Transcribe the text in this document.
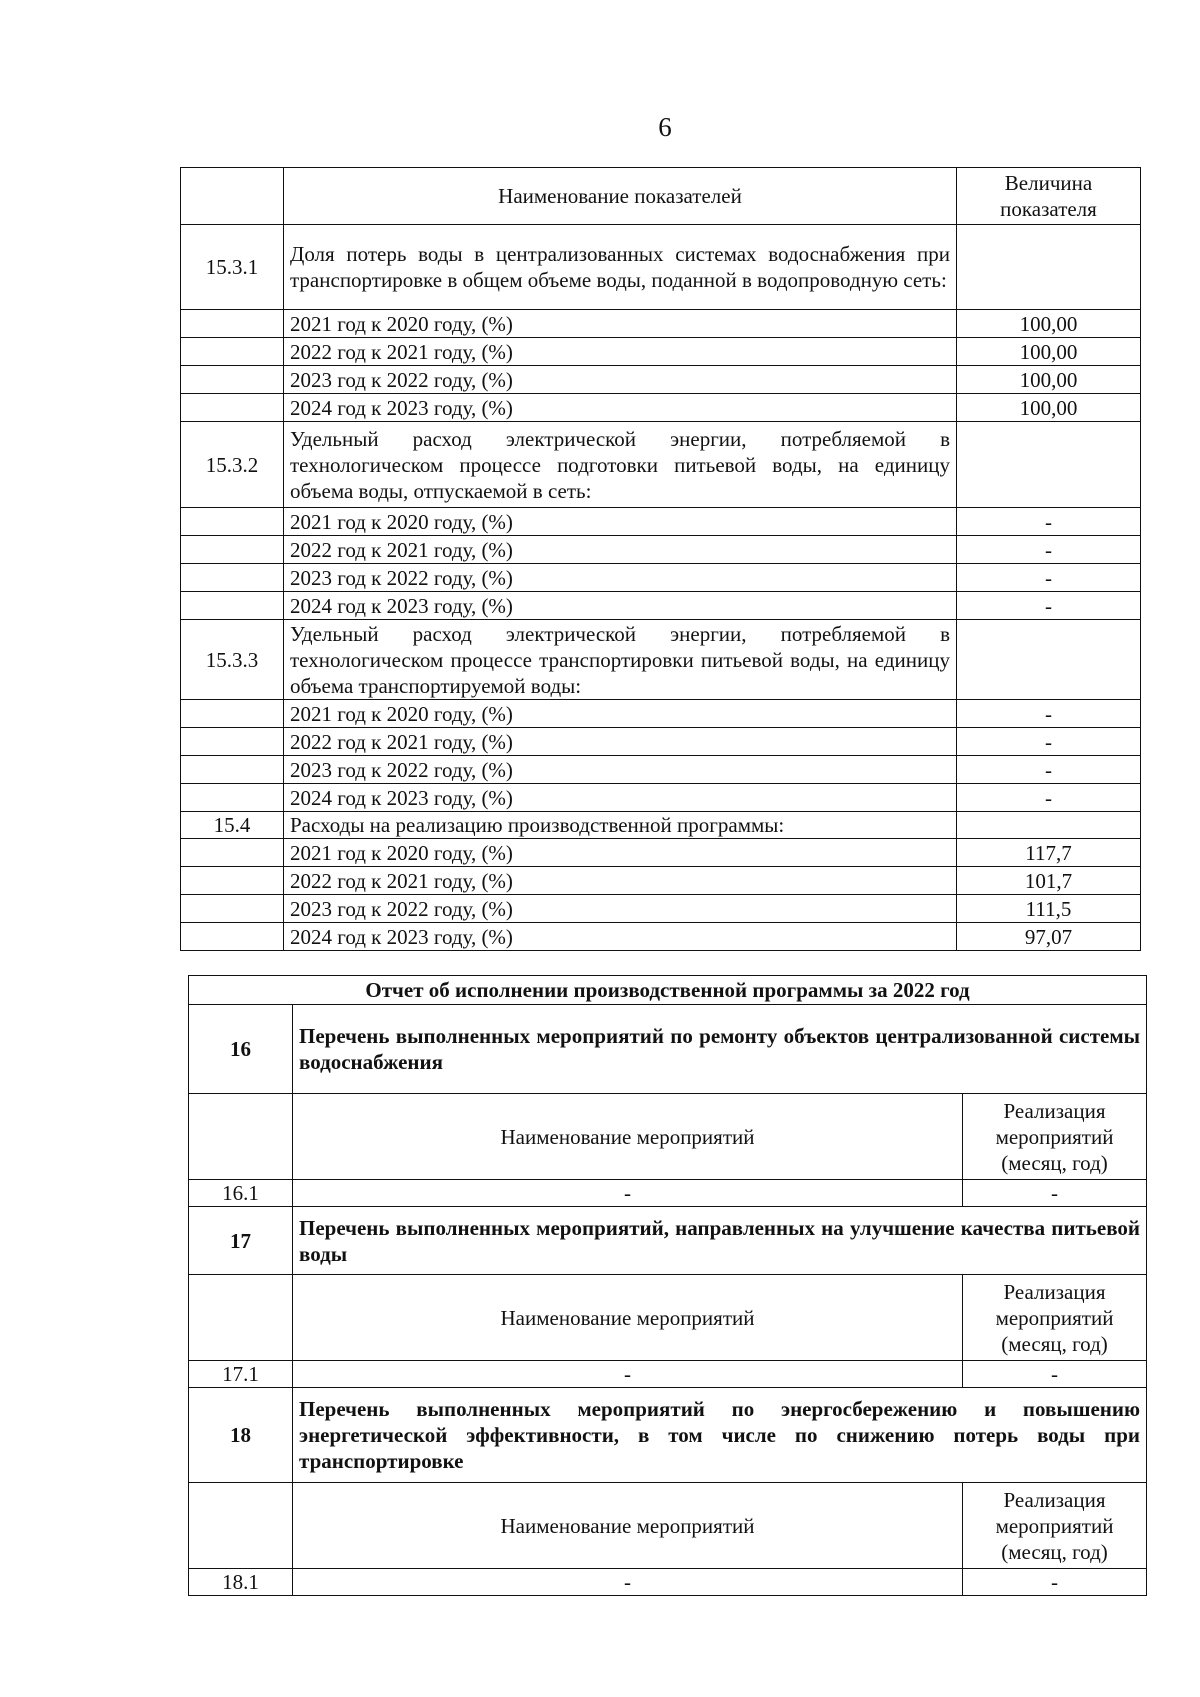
6
	Наименование показателей	Величина показателя
15.3.1	Доля потерь воды в централизованных системах водоснабжения при транспортировке в общем объеме воды, поданной в водопроводную сеть:	
	2021 год к 2020 году, (%)	100,00
	2022 год к 2021 году, (%)	100,00
	2023 год к 2022 году, (%)	100,00
	2024 год к 2023 году, (%)	100,00
15.3.2	Удельный расход электрической энергии, потребляемой в технологическом процессе подготовки питьевой воды, на единицу объема воды, отпускаемой в сеть:	
	2021 год к 2020 году, (%)	-
	2022 год к 2021 году, (%)	-
	2023 год к 2022 году, (%)	-
	2024 год к 2023 году, (%)	-
15.3.3	Удельный расход электрической энергии, потребляемой в технологическом процессе транспортировки питьевой воды, на единицу объема транспортируемой воды:	
	2021 год к 2020 году, (%)	-
	2022 год к 2021 году, (%)	-
	2023 год к 2022 году, (%)	-
	2024 год к 2023 году, (%)	-
15.4	Расходы на реализацию производственной программы:	
	2021 год к 2020 году, (%)	117,7
	2022 год к 2021 году, (%)	101,7
	2023 год к 2022 году, (%)	111,5
	2024 год к 2023 году, (%)	97,07
Отчет об исполнении производственной программы за 2022 год		
16	Перечень выполненных мероприятий по ремонту объектов централизованной системы водоснабжения	
	Наименование мероприятий	Реализация мероприятий (месяц, год)
16.1	-	-
17	Перечень выполненных мероприятий, направленных на улучшение качества питьевой воды	
	Наименование мероприятий	Реализация мероприятий (месяц, год)
17.1	-	-
18	Перечень выполненных мероприятий по энергосбережению и повышению энергетической эффективности, в том числе по снижению потерь воды при транспортировке	
	Наименование мероприятий	Реализация мероприятий (месяц, год)
18.1	-	-
